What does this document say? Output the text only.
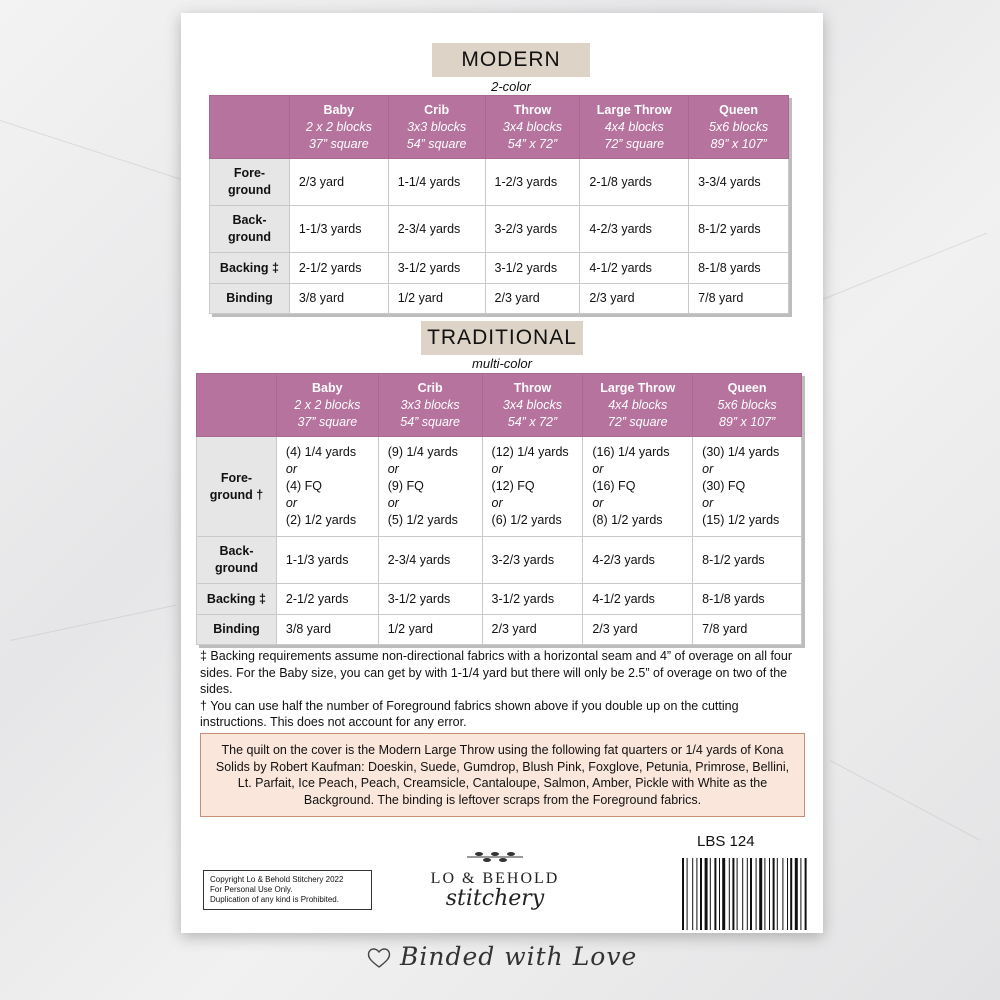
MODERN
2-color
	Baby
2 x 2 blocks
37” square	Crib
3x3 blocks
54” square	Throw
3x4 blocks
54” x 72”	Large Throw
4x4 blocks
72” square	Queen
5x6 blocks
89” x 107”

Fore-
ground	2/3 yard	1-1/4 yards	1-2/3 yards	2-1/8 yards	3-3/4 yards
Back-
ground	1-1/3 yards	2-3/4 yards	3-2/3 yards	4-2/3 yards	8-1/2 yards
Backing ‡	2-1/2 yards	3-1/2 yards	3-1/2 yards	4-1/2 yards	8-1/8 yards
Binding	3/8 yard	1/2 yard	2/3 yard	2/3 yard	7/8 yard
TRADITIONAL
multi-color
	Baby
2 x 2 blocks
37” square	Crib
3x3 blocks
54” square	Throw
3x4 blocks
54” x 72”	Large Throw
4x4 blocks
72” square	Queen
5x6 blocks
89” x 107”

Fore-
ground †	(4) 1/4 yards
or
(4) FQ
or
(2) 1/2 yards	(9) 1/4 yards
or
(9) FQ
or
(5) 1/2 yards	(12) 1/4 yards
or
(12) FQ
or
(6) 1/2 yards	(16) 1/4 yards
or
(16) FQ
or
(8) 1/2 yards	(30) 1/4 yards
or
(30) FQ
or
(15) 1/2 yards
Back-
ground	1-1/3 yards	2-3/4 yards	3-2/3 yards	4-2/3 yards	8-1/2 yards
Backing ‡	2-1/2 yards	3-1/2 yards	3-1/2 yards	4-1/2 yards	8-1/8 yards
Binding	3/8 yard	1/2 yard	2/3 yard	2/3 yard	7/8 yard

‡ Backing requirements assume non-directional fabrics with a horizontal seam and 4” of overage on all four sides. For the Baby size, you can get by with 1-1/4 yard but there will only be 2.5” of overage on two of the sides.

† You can use half the number of Foreground fabrics shown above if you double up on the cutting instructions. This does not account for any error.

The quilt on the cover is the Modern Large Throw using the following fat quarters or 1/4 yards of Kona Solids by Robert Kaufman: Doeskin, Suede, Gumdrop, Blush Pink, Foxglove, Petunia, Primrose, Bellini, Lt. Parfait, Ice Peach, Peach, Creamsicle, Cantaloupe, Salmon, Amber, Pickle with White as the Background. The binding is leftover scraps from the Foreground fabrics.
LBS 124
Copyright Lo & Behold Stitchery 2022
For Personal Use Only.
Duplication of any kind is Prohibited.
LO & BEHOLD
stitchery
Binded with Love
